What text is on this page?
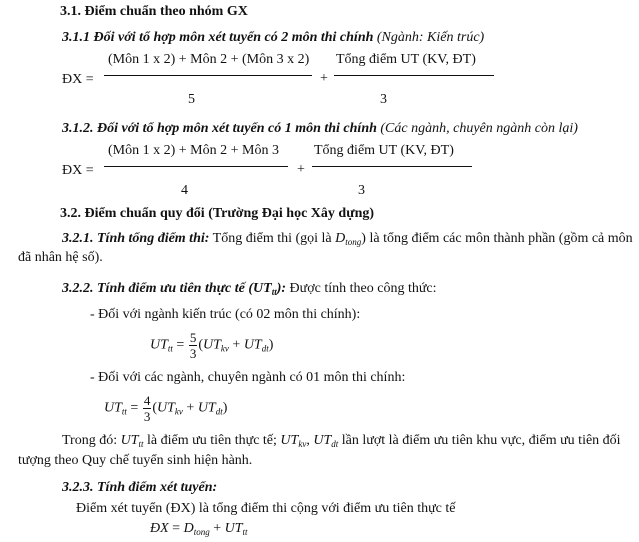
3.1. Điểm chuẩn theo nhóm GX
3.1.1 Đối với tổ hợp môn xét tuyển có 2 môn thi chính (Ngành: Kiến trúc)
ĐX =
(Môn 1 x 2) + Môn 2 + (Môn 3 x 2)
5
+
Tổng điểm UT (KV, ĐT)
3
3.1.2. Đối với tổ hợp môn xét tuyển có 1 môn thi chính (Các ngành, chuyên ngành còn lại)
ĐX =
(Môn 1 x 2) + Môn 2 + Môn 3
4
+
Tổng điểm UT (KV, ĐT)
3
3.2. Điểm chuẩn quy đổi (Trường Đại học Xây dựng)
3.2.1. Tính tổng điểm thi: Tổng điểm thi (gọi là $D_{tong}$) là tổng điểm các môn thành phần (gồm cả môn
đã nhân hệ số).
3.2.2. Tính điểm ưu tiên thực tế $(UT_{tt})$: Được tính theo công thức:
- Đối với ngành kiến trúc (có 02 môn thi chính):
$UT_{tt} = \frac{5}{3} (UT_{kv} + UT_{dt})$
- Đối với các ngành, chuyên ngành có 01 môn thi chính:
$UT_{tt} = \frac{4}{3} (UT_{kv} + UT_{dt})$
Trong đó: $UT_{tt}$ là điểm ưu tiên thực tế; $UT_{kv}$, $UT_{dt}$ lần lượt là điểm ưu tiên khu vực, điểm ưu tiên đối
tượng theo Quy chế tuyển sinh hiện hành.
3.2.3. Tính điểm xét tuyển:
Điểm xét tuyển (ĐX) là tổng điểm thi cộng với điểm ưu tiên thực tế
ĐX = $D_{tong} + UT_{tt}$
